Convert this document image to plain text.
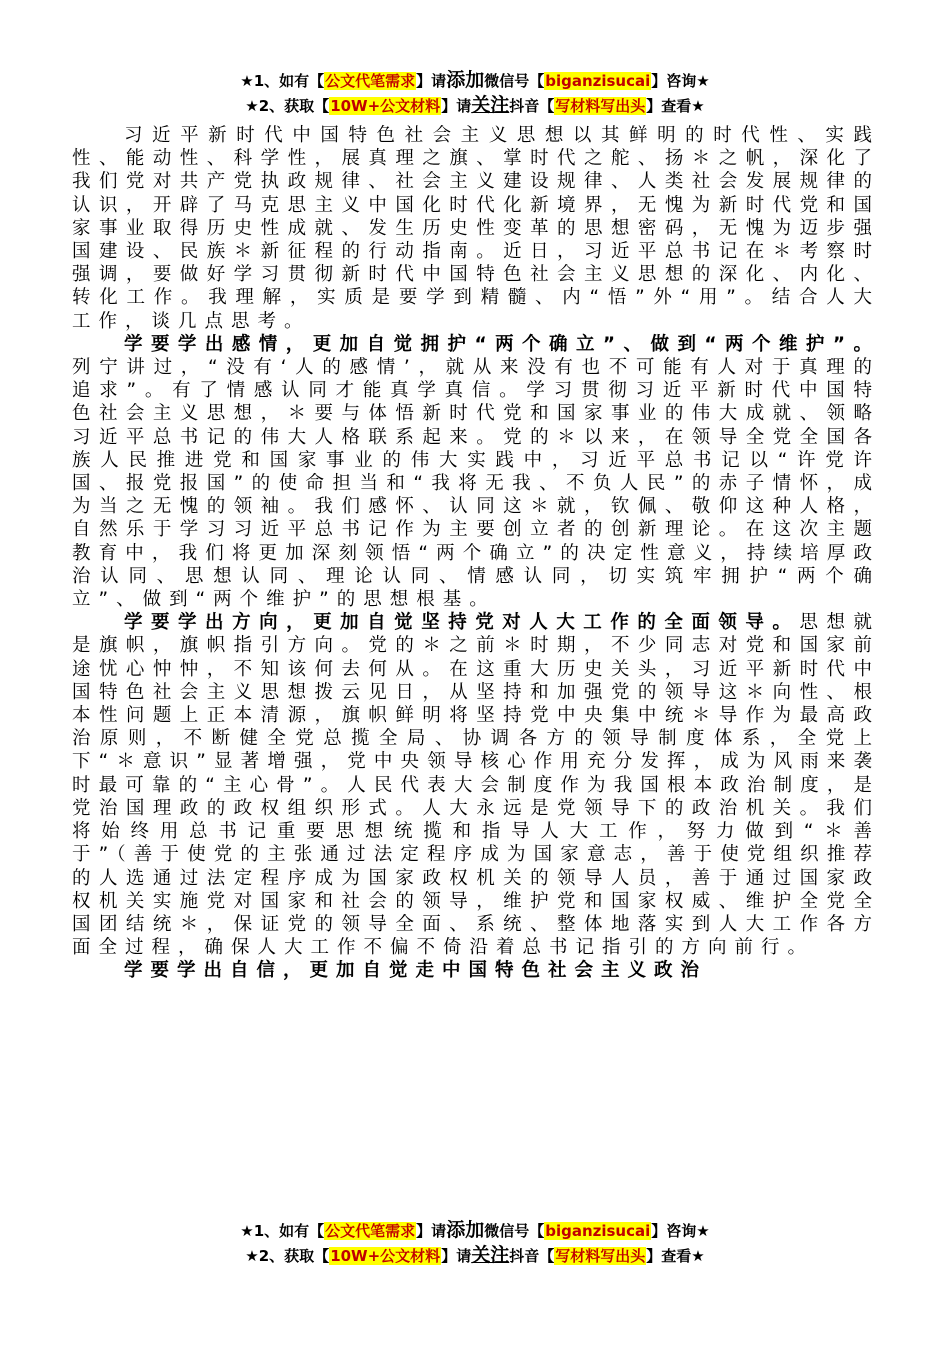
★1、如有【公文代笔需求】请添加微信号【biganzisucai】咨询★
★2、获取【10W+公文材料】请关注抖音【写材料写出头】查看★

习近平新时代中国特色社会主义思想以其鲜明的时代性、实践性、能动性、科学性，展真理之旗、掌时代之舵、扬＊之帆，深化了我们党对共产党执政规律、社会主义建设规律、人类社会发展规律的认识，开辟了马克思主义中国化时代化新境界，无愧为新时代党和国家事业取得历史性成就、发生历史性变革的思想密码，无愧为迈步强国建设、民族＊新征程的行动指南。近日，习近平总书记在＊考察时强调，要做好学习贯彻新时代中国特色社会主义思想的深化、内化、转化工作。我理解，实质是要学到精髓、内“悟”外“用”。结合人大工作，谈几点思考。

学要学出感情，更加自觉拥护“两个确立”、做到“两个维护”。列宁讲过，“没有‘人的感情’，就从来没有也不可能有人对于真理的追求”。有了情感认同才能真学真信。学习贯彻习近平新时代中国特色社会主义思想，＊要与体悟新时代党和国家事业的伟大成就、领略习近平总书记的伟大人格联系起来。党的＊以来，在领导全党全国各族人民推进党和国家事业的伟大实践中，习近平总书记以“许党许国、报党报国”的使命担当和“我将无我、不负人民”的赤子情怀，成为当之无愧的领袖。我们感怀、认同这＊就，钦佩、敬仰这种人格，自然乐于学习习近平总书记作为主要创立者的创新理论。在这次主题教育中，我们将更加深刻领悟“两个确立”的决定性意义，持续培厚政治认同、思想认同、理论认同、情感认同，切实筑牢拥护“两个确立”、做到“两个维护”的思想根基。

学要学出方向，更加自觉坚持党对人大工作的全面领导。思想就是旗帜，旗帜指引方向。党的＊之前＊时期，不少同志对党和国家前途忧心忡忡，不知该何去何从。在这重大历史关头，习近平新时代中国特色社会主义思想拨云见日，从坚持和加强党的领导这＊向性、根本性问题上正本清源，旗帜鲜明将坚持党中央集中统＊导作为最高政治原则，不断健全党总揽全局、协调各方的领导制度体系，全党上下“＊意识”显著增强，党中央领导核心作用充分发挥，成为风雨来袭时最可靠的“主心骨”。人民代表大会制度作为我国根本政治制度，是党治国理政的政权组织形式。人大永远是党领导下的政治机关。我们将始终用总书记重要思想统揽和指导人大工作，努力做到“＊善于”（善于使党的主张通过法定程序成为国家意志，善于使党组织推荐的人选通过法定程序成为国家政权机关的领导人员，善于通过国家政权机关实施党对国家和社会的领导，维护党和国家权威、维护全党全国团结统＊，保证党的领导全面、系统、整体地落实到人大工作各方面全过程，确保人大工作不偏不倚沿着总书记指引的方向前行。

学要学出自信，更加自觉走中国特色社会主义政治

★1、如有【公文代笔需求】请添加微信号【biganzisucai】咨询★
★2、获取【10W+公文材料】请关注抖音【写材料写出头】查看★
